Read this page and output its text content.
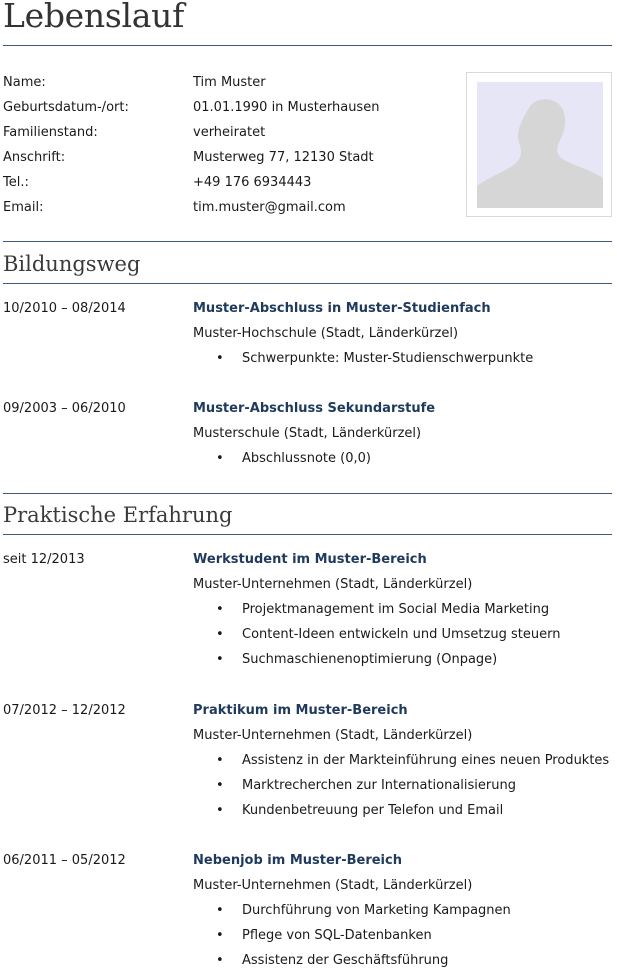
Lebenslauf
Name:	Tim Muster
Geburtsdatum-/ort:	01.01.1990 in Musterhausen
Familienstand:	verheiratet
Anschrift:	Musterweg 77, 12130 Stadt
Tel.:	+49 176 6934443
Email:	tim.muster@gmail.com
Bildungsweg
10/2010 – 08/2014	Muster-Abschluss in Muster-Studienfach
Muster-Hochschule (Stadt, Länderkürzel)
• Schwerpunkte: Muster-Studienschwerpunkte
09/2003 – 06/2010	Muster-Abschluss Sekundarstufe
Musterschule (Stadt, Länderkürzel)
• Abschlussnote (0,0)
Praktische Erfahrung
seit 12/2013	Werkstudent im Muster-Bereich
Muster-Unternehmen (Stadt, Länderkürzel)
• Projektmanagement im Social Media Marketing
• Content-Ideen entwickeln und Umsetzug steuern
• Suchmaschienenoptimierung (Onpage)
07/2012 – 12/2012	Praktikum im Muster-Bereich
Muster-Unternehmen (Stadt, Länderkürzel)
• Assistenz in der Markteinführung eines neuen Produktes
• Marktrecherchen zur Internationalisierung
• Kundenbetreuung per Telefon und Email
06/2011 – 05/2012	Nebenjob im Muster-Bereich
Muster-Unternehmen (Stadt, Länderkürzel)
• Durchführung von Marketing Kampagnen
• Pflege von SQL-Datenbanken
• Assistenz der Geschäftsführung
